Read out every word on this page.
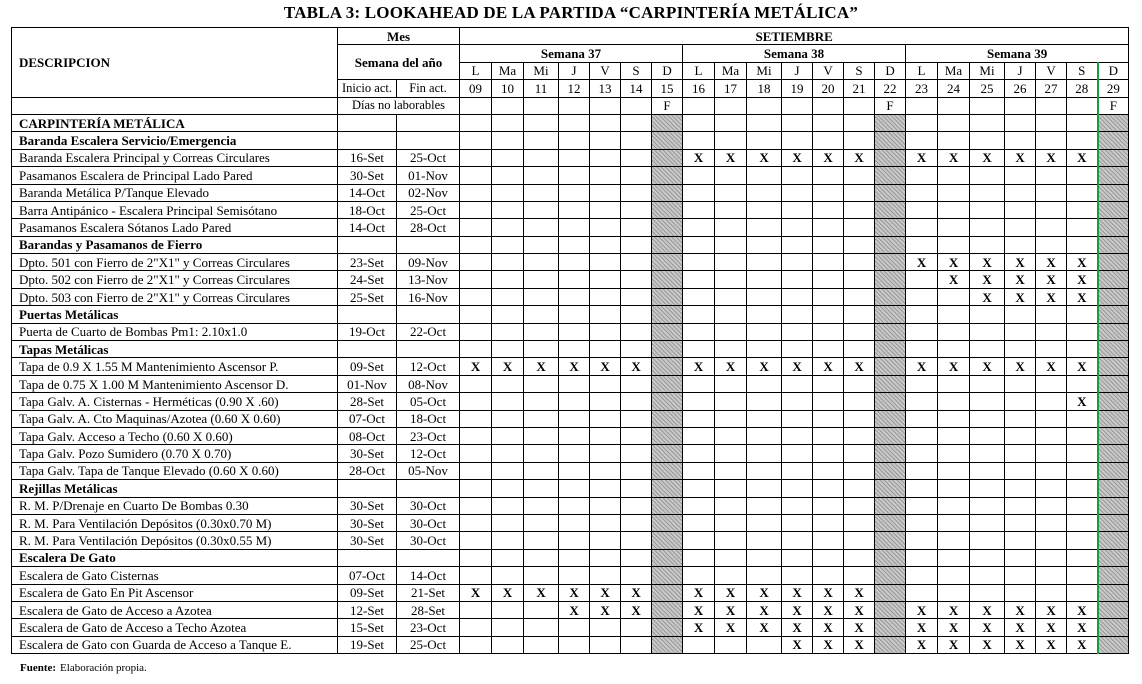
TABLA 3: LOOKAHEAD DE LA PARTIDA “CARPINTERÍA METÁLICA”
DESCRIPCION	Mes		SETIEMBRE																				
	Semana del año		Semana 37							Semana 38							Semana 39						
			L	Ma	Mi	J	V	S	D	L	Ma	Mi	J	V	S	D	L	Ma	Mi	J	V	S	D
	Inicio act.	Fin act.	09	10	11	12	13	14	15	16	17	18	19	20	21	22	23	24	25	26	27	28	29
	Días no laborables								F							F							F
CARPINTERÍA METÁLICA																							
Baranda Escalera Servicio/Emergencia																							
Baranda Escalera Principal y Correas Circulares	16-Set	25-Oct								X	X	X	X	X	X		X	X	X	X	X	X	
Pasamanos Escalera de Principal Lado Pared	30-Set	01-Nov																					
Baranda Metálica P/Tanque Elevado	14-Oct	02-Nov																					
Barra Antipánico - Escalera Principal Semisótano	18-Oct	25-Oct																					
Pasamanos Escalera Sótanos Lado Pared	14-Oct	28-Oct																					
Barandas y Pasamanos de Fierro																							
Dpto. 501 con Fierro de 2"X1" y Correas Circulares	23-Set	09-Nov															X	X	X	X	X	X	
Dpto. 502 con Fierro de 2"X1" y Correas Circulares	24-Set	13-Nov																X	X	X	X	X	
Dpto. 503 con Fierro de 2"X1" y Correas Circulares	25-Set	16-Nov																	X	X	X	X	
Puertas Metálicas																							
Puerta de Cuarto de Bombas Pm1: 2.10x1.0	19-Oct	22-Oct																					
Tapas Metálicas																							
Tapa de 0.9 X 1.55 M Mantenimiento Ascensor P.	09-Set	12-Oct	X	X	X	X	X	X		X	X	X	X	X	X		X	X	X	X	X	X	
Tapa de 0.75 X 1.00 M Mantenimiento Ascensor D.	01-Nov	08-Nov																					
Tapa Galv. A. Cisternas - Herméticas (0.90 X .60)	28-Set	05-Oct																				X	
Tapa Galv. A. Cto Maquinas/Azotea (0.60 X 0.60)	07-Oct	18-Oct																					
Tapa Galv. Acceso a Techo (0.60 X 0.60)	08-Oct	23-Oct																					
Tapa Galv. Pozo Sumidero (0.70 X 0.70)	30-Set	12-Oct																					
Tapa Galv. Tapa de Tanque Elevado (0.60 X 0.60)	28-Oct	05-Nov																					
Rejillas Metálicas																							
R. M. P/Drenaje en Cuarto De Bombas 0.30	30-Set	30-Oct																					
R. M. Para Ventilación Depósitos (0.30x0.70 M)	30-Set	30-Oct																					
R. M. Para Ventilación Depósitos (0.30x0.55 M)	30-Set	30-Oct																					
Escalera De Gato																							
Escalera de Gato Cisternas	07-Oct	14-Oct																					
Escalera de Gato En Pit Ascensor	09-Set	21-Set	X	X	X	X	X	X		X	X	X	X	X	X								
Escalera de Gato de Acceso a Azotea	12-Set	28-Set				X	X	X		X	X	X	X	X	X		X	X	X	X	X	X	
Escalera de Gato de Acceso a Techo Azotea	15-Set	23-Oct								X	X	X	X	X	X		X	X	X	X	X	X	
Escalera de Gato con Guarda de Acceso a Tanque E.	19-Set	25-Oct											X	X	X		X	X	X	X	X	X	
Fuente: Elaboración propia.
